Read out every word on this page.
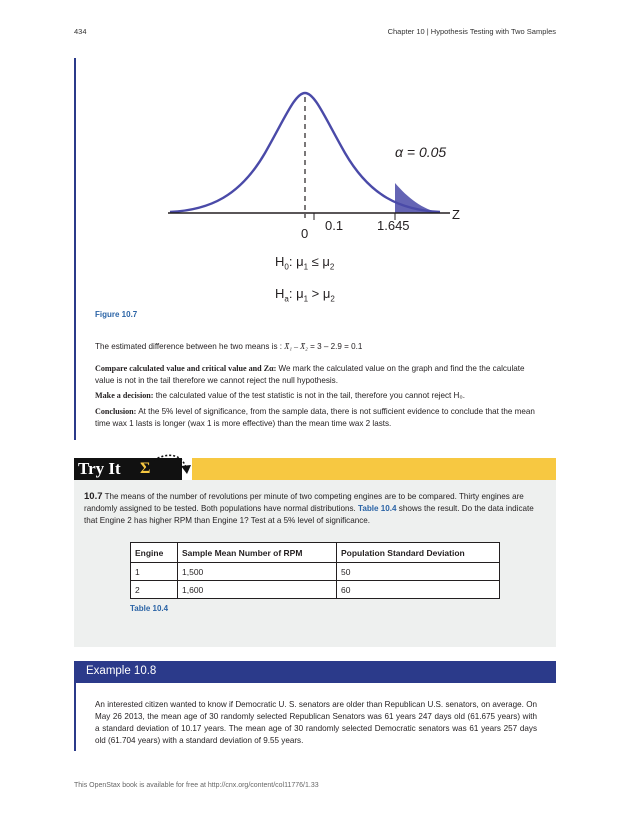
434	Chapter 10 | Hypothesis Testing with Two Samples
α = 0.05
Z
0
0.1	1.645
$H_0$: $\mu_1 \le \mu_2$
$H_a$: $\mu_1 > \mu_2$
Figure 10.7
The estimated difference between he two means is : X̄₁ – X̄₂ = 3 – 2.9 = 0.1
Compare calculated value and critical value and Zα: We mark the calculated value on the graph and find the the calculate value is not in the tail therefore we cannot reject the null hypothesis.
Make a decision: the calculated value of the test statistic is not in the tail, therefore you cannot reject H₀.
Conclusion: At the 5% level of significance, from the sample data, there is not sufficient evidence to conclude that the mean time wax 1 lasts is longer (wax 1 is more effective) than the mean time wax 2 lasts.
Try It Σ
10.7 The means of the number of revolutions per minute of two competing engines are to be compared. Thirty engines are randomly assigned to be tested. Both populations have normal distributions. Table 10.4 shows the result. Do the data indicate that Engine 2 has higher RPM than Engine 1? Test at a 5% level of significance.
Engine	Sample Mean Number of RPM	Population Standard Deviation
1	1,500	50
2	1,600	60
Table 10.4
Example 10.8
An interested citizen wanted to know if Democratic U. S. senators are older than Republican U.S. senators, on average. On May 26 2013, the mean age of 30 randomly selected Republican Senators was 61 years 247 days old (61.675 years) with a standard deviation of 10.17 years. The mean age of 30 randomly selected Democratic senators was 61 years 257 days old (61.704 years) with a standard deviation of 9.55 years.
This OpenStax book is available for free at http://cnx.org/content/col11776/1.33
